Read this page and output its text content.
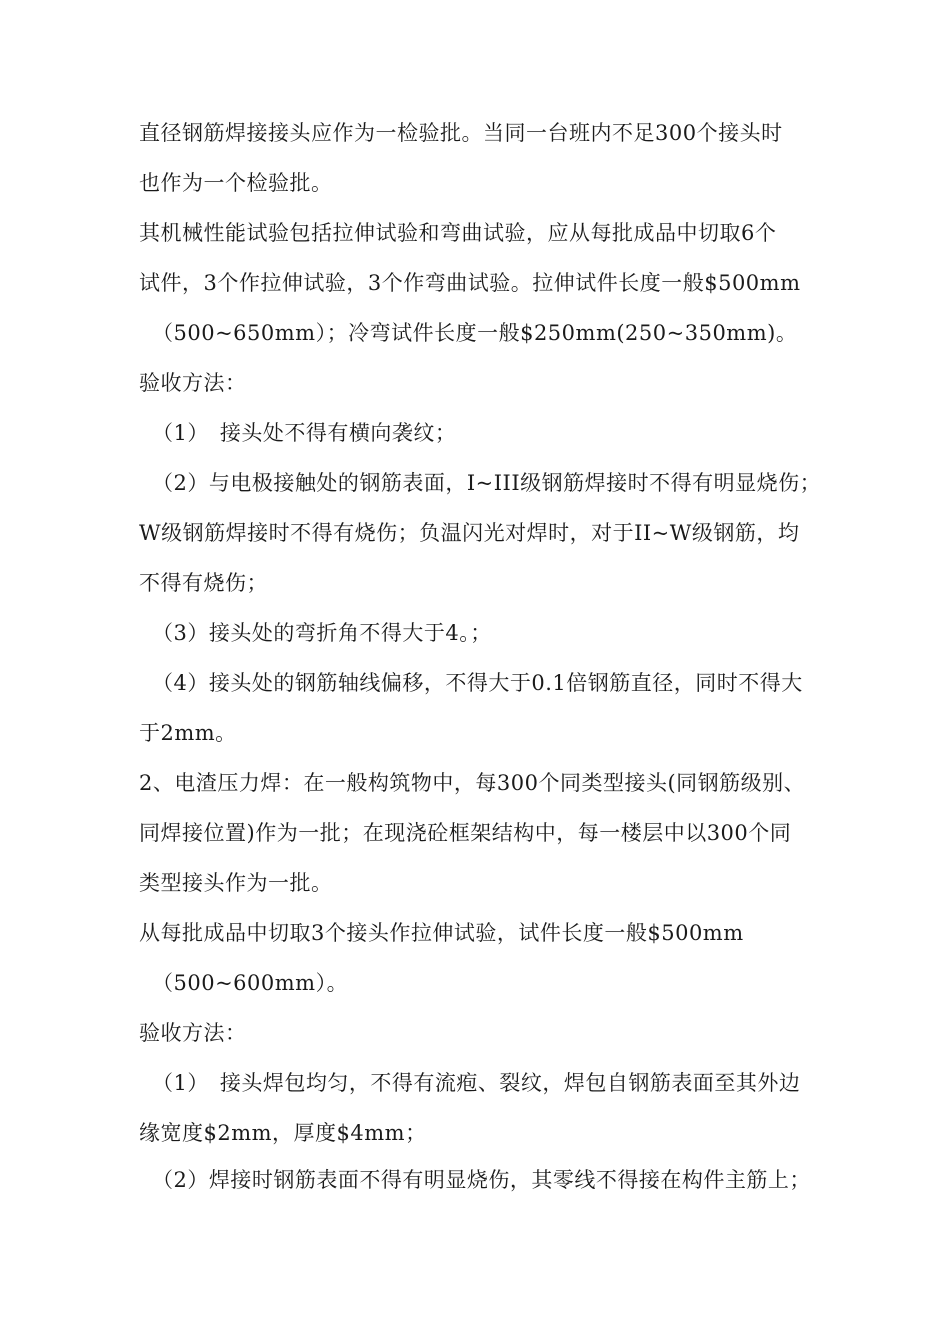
直径钢筋焊接接头应作为一检验批。当同一台班内不足300个接头时
也作为一个检验批。
其机械性能试验包括拉伸试验和弯曲试验，应从每批成品中切取6个
试件，3个作拉伸试验，3个作弯曲试验。拉伸试件长度一般$500mm
（500~650mm）；冷弯试件长度一般$250mm(250~350mm)。
验收方法：
（1）　接头处不得有横向袭纹；
（2）与电极接触处的钢筋表面，I~III级钢筋焊接时不得有明显烧伤；
W级钢筋焊接时不得有烧伤；负温闪光对焊时，对于II~W级钢筋，均
不得有烧伤；
（3）接头处的弯折角不得大于4。；
（4）接头处的钢筋轴线偏移，不得大于0.1倍钢筋直径，同时不得大
于2mm。
2、电渣压力焊：在一般构筑物中，每300个同类型接头(同钢筋级别、
同焊接位置)作为一批；在现浇砼框架结构中，每一楼层中以300个同
类型接头作为一批。
从每批成品中切取3个接头作拉伸试验，试件长度一般$500mm
（500~600mm）。
验收方法：
（1）　接头焊包均匀，不得有流疱、裂纹，焊包自钢筋表面至其外边
缘宽度$2mm，厚度$4mm；
（2）焊接时钢筋表面不得有明显烧伤，其零线不得接在构件主筋上；
